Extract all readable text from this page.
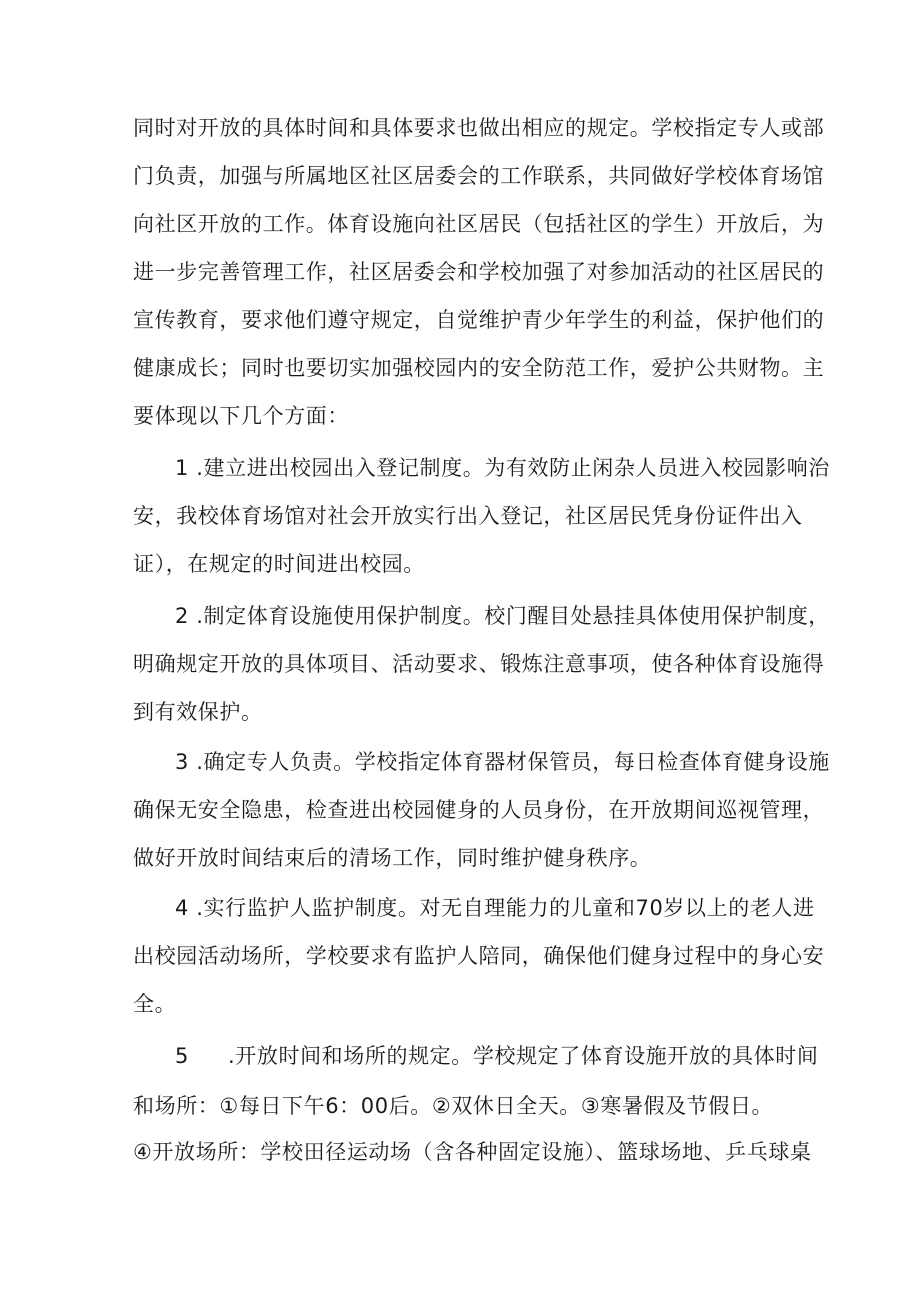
同时对开放的具体时间和具体要求也做出相应的规定。学校指定专人或部
门负责，加强与所属地区社区居委会的工作联系，共同做好学校体育场馆
向社区开放的工作。体育设施向社区居民（包括社区的学生）开放后，为
进一步完善管理工作，社区居委会和学校加强了对参加活动的社区居民的
宣传教育，要求他们遵守规定，自觉维护青少年学生的利益，保护他们的
健康成长；同时也要切实加强校园内的安全防范工作，爱护公共财物。主
要体现以下几个方面：
1 .建立进出校园出入登记制度。为有效防止闲杂人员进入校园影响治
安，我校体育场馆对社会开放实行出入登记，社区居民凭身份证件出入
证），在规定的时间进出校园。
2 .制定体育设施使用保护制度。校门醒目处悬挂具体使用保护制度，
明确规定开放的具体项目、活动要求、锻炼注意事项，使各种体育设施得
到有效保护。
3 .确定专人负责。学校指定体育器材保管员，每日检查体育健身设施
确保无安全隐患，检查进出校园健身的人员身份，在开放期间巡视管理，
做好开放时间结束后的清场工作，同时维护健身秩序。
4 .实行监护人监护制度。对无自理能力的儿童和70岁以上的老人进
出校园活动场所，学校要求有监护人陪同，确保他们健身过程中的身心安
全。
5 .开放时间和场所的规定。学校规定了体育设施开放的具体时间
和场所：①每日下午6：00后。②双休日全天。③寒暑假及节假日。
④开放场所：学校田径运动场（含各种固定设施）、篮球场地、乒乓球桌
